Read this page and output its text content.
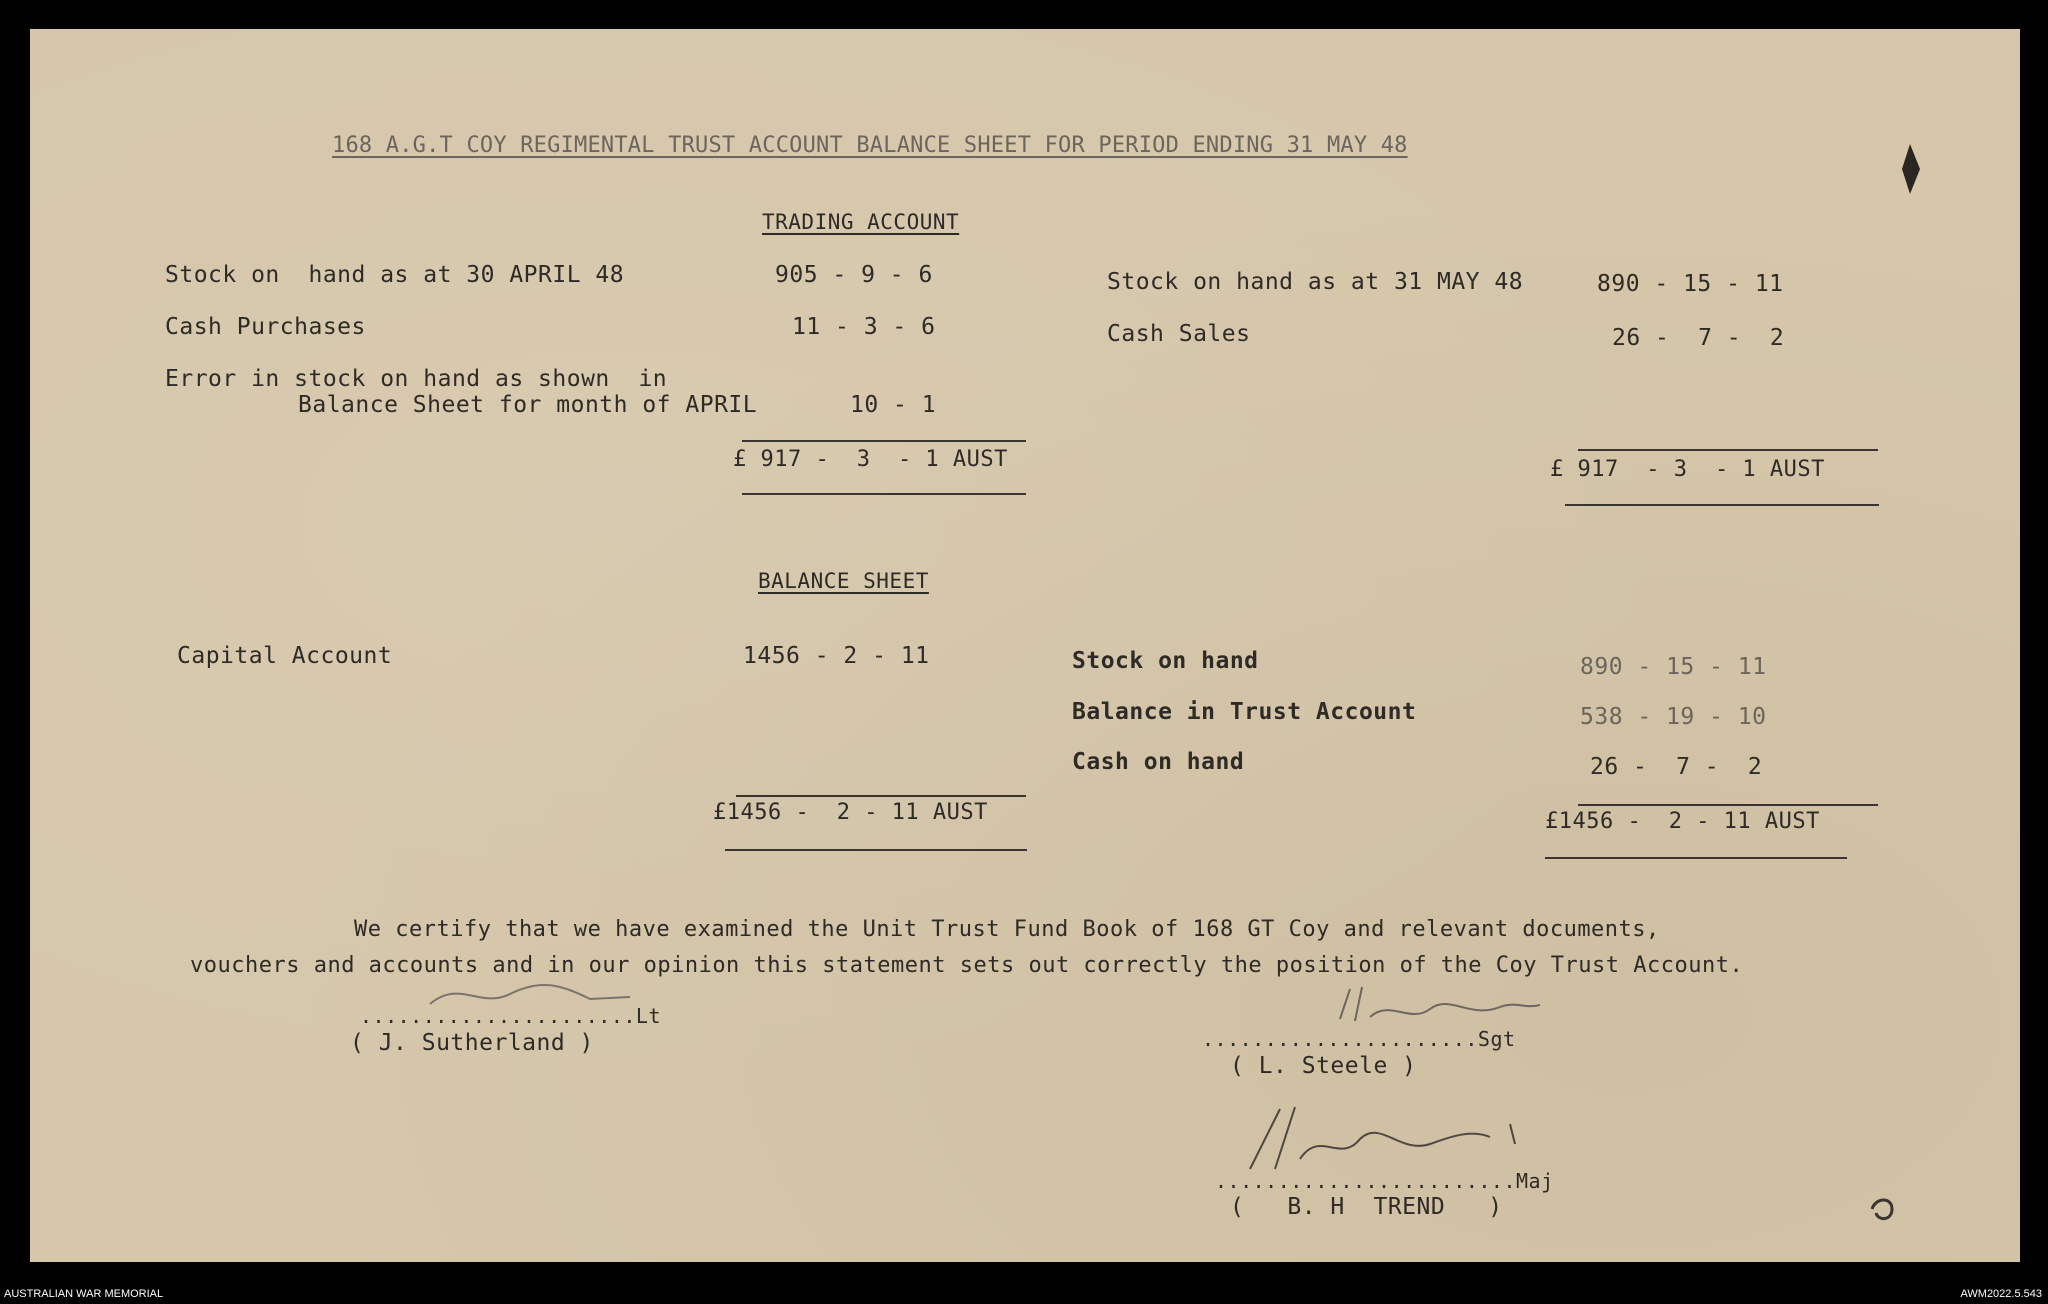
168 A.G.T COY REGIMENTAL TRUST ACCOUNT BALANCE SHEET FOR PERIOD ENDING 31 MAY 48
TRADING ACCOUNT
Stock on  hand as at 30 APRIL 48	905 - 9 - 6
Cash Purchases	11 - 3 - 6
Error in stock on hand as shown  in
Balance Sheet for month of APRIL	10 - 1
£ 917 -  3  - 1 AUST
Stock on hand as at 31 MAY 48	890 - 15 - 11
Cash Sales	26 -  7 -  2
£ 917  - 3  - 1 AUST
BALANCE SHEET
Capital Account	1456 - 2 - 11
£1456 -  2 - 11 AUST
Stock on hand	890 - 15 - 11
Balance in Trust Account	538 - 19 - 10
Cash on hand	26 -  7 -  2
£1456 -  2 - 11 AUST
We certify that we have examined the Unit Trust Fund Book of 168 GT Coy and relevant documents,
vouchers and accounts and in our opinion this statement sets out correctly the position of the Coy Trust Account.
......................Lt
( J. Sutherland )	......................Sgt
( L. Steele )
........................Maj
(   B. H  TREND   )
AUSTRALIAN WAR MEMORIAL	AWM2022.5.543
